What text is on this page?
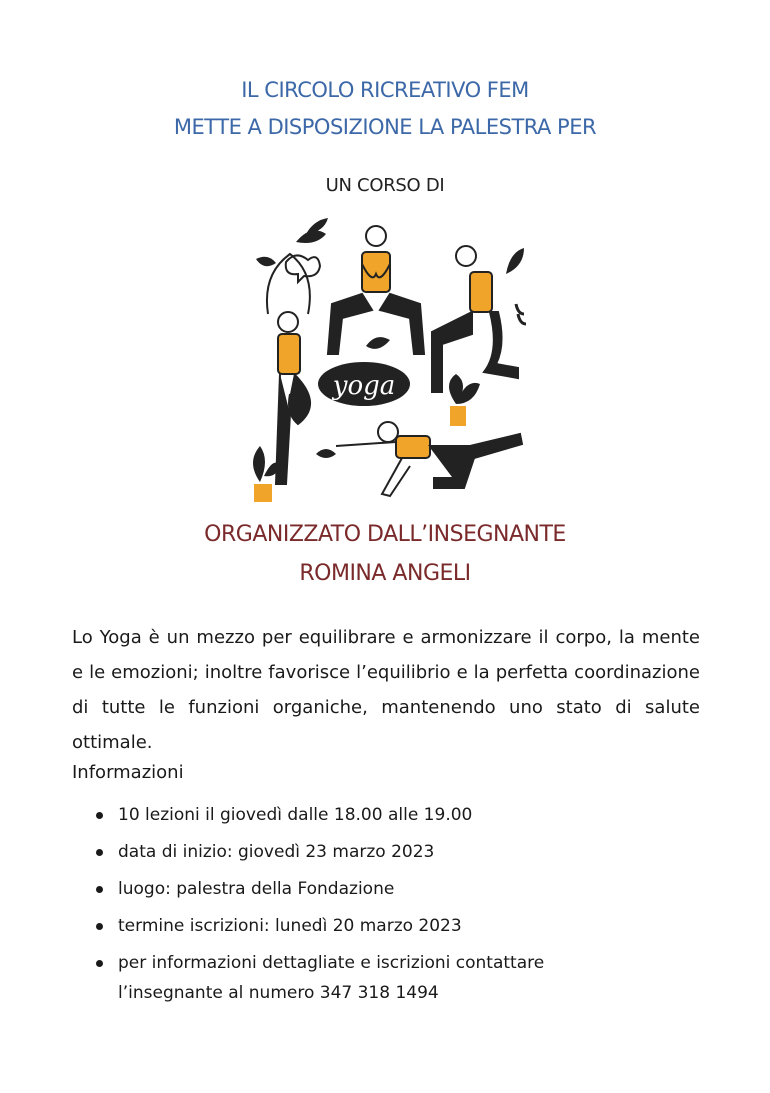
IL CIRCOLO RICREATIVO FEM
METTE A DISPOSIZIONE LA PALESTRA PER
UN CORSO DI
yoga
ORGANIZZATO DALL’INSEGNANTE
ROMINA ANGELI

Lo Yoga è un mezzo per equilibrare e armonizzare il corpo, la mente e le emozioni; inoltre favorisce l’equilibrio e la perfetta coordinazione di tutte le funzioni organiche, mantenendo uno stato di salute ottimale.

Informazioni
10 lezioni il giovedì dalle 18.00 alle 19.00
data di inizio: giovedì 23 marzo 2023
luogo: palestra della Fondazione
termine iscrizioni: lunedì 20 marzo 2023
per informazioni dettagliate e iscrizioni contattare
l’insegnante al numero 347 318 1494
